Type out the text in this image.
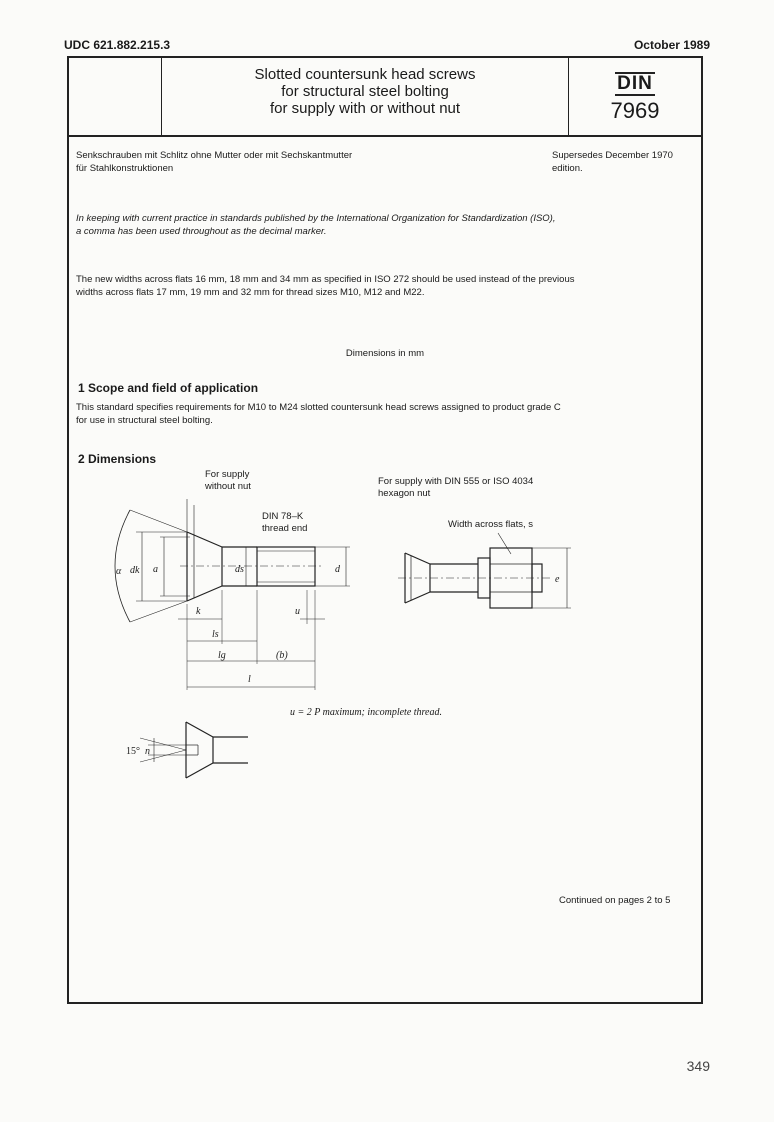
UDC 621.882.215.3	October 1989
Slotted countersunk head screws
for structural steel bolting
for supply with or without nut
DIN
7969
Senkschrauben mit Schlitz ohne Mutter oder mit Sechskantmutter
für Stahlkonstruktionen
Supersedes December 1970
edition.
In keeping with current practice in standards published by the International Organization for Standardization (ISO),
a comma has been used throughout as the decimal marker.
The new widths across flats 16 mm, 18 mm and 34 mm as specified in ISO 272 should be used instead of the previous
widths across flats 17 mm, 19 mm and 32 mm for thread sizes M10, M12 and M22.
Dimensions in mm
1 Scope and field of application
This standard specifies requirements for M10 to M24 slotted countersunk head screws assigned to product grade C
for use in structural steel bolting.
2 Dimensions
For supply
without nut
DIN 78–K
thread end
For supply with DIN 555 or ISO 4034
hexagon nut
Width across flats, s
α dk a	ds	d
k	u
ls
lg	(b)
l
e
n
15°
u = 2 P maximum; incomplete thread.
Continued on pages 2 to 5
349
